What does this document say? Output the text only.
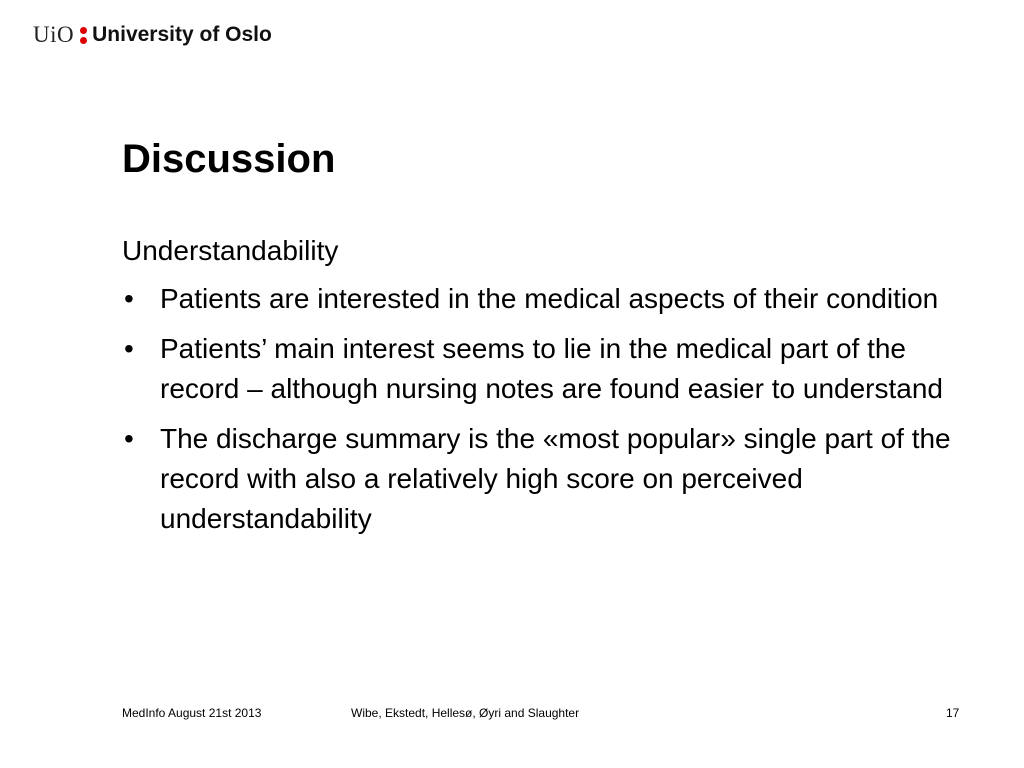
UiO University of Oslo
Discussion
Understandability
• Patients are interested in the medical aspects of their condition
• Patients’ main interest seems to lie in the medical part of the record – although nursing notes are found easier to understand
• The discharge summary is the «most popular» single part of the record with also a relatively high score on perceived understandability
MedInfo August 21st 2013	Wibe, Ekstedt, Hellesø, Øyri and Slaughter	17
